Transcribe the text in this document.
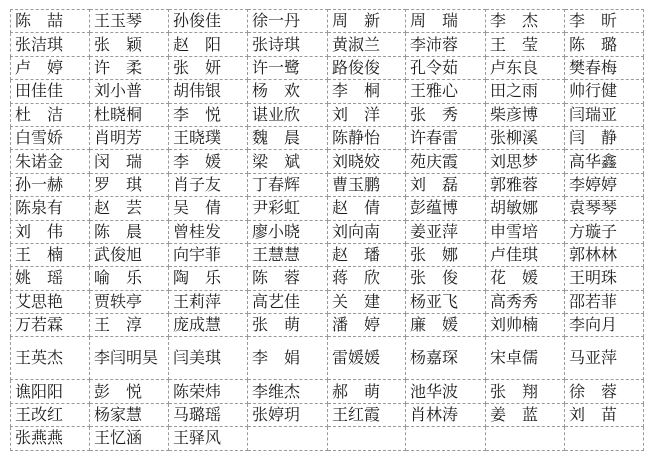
陈　喆	王玉琴	孙俊佳	徐一丹	周　新	周　瑞	李　杰	李　昕
张洁琪	张　颖	赵　阳	张诗琪	黄淑兰	李沛蓉	王　莹	陈　璐
卢　婷	许　柔	张　妍	许一鹭	路俊俊	孔令茹	卢东良	樊春梅
田佳佳	刘小普	胡伟银	杨　欢	李　桐	王雅心	田之雨	帅行健
杜　洁	杜晓桐	李　悦	谌业欣	刘　洋	张　秀	柴彦博	闫瑞亚
白雪娇	肖明芳	王晓璞	魏　晨	陈静怡	许春雷	张柳溪	闫　静
朱诺金	闵　瑞	李　媛	梁　斌	刘晓姣	苑庆霞	刘思梦	高华鑫
孙一赫	罗　琪	肖子友	丁春辉	曹玉鹏	刘　磊	郭雅蓉	李婷婷
陈泉有	赵　芸	吴　倩	尹彩虹	赵　倩	彭蕴博	胡敏娜	袁琴琴
刘　伟	陈　晨	曾桂发	廖小晓	刘向南	姜亚萍	申雪培	方璇子
王　楠	武俊旭	向宇菲	王慧慧	赵　璠	张　娜	卢佳琪	郭林林
姚　瑶	喻　乐	陶　乐	陈　蓉	蒋　欣	张　俊	花　媛	王明珠
艾思艳	贾轶亭	王莉萍	高艺佳	关　建	杨亚飞	高秀秀	邵若菲
万若霖	王　淳	庞成慧	张　萌	潘　婷	廉　媛	刘帅楠	李向月
王英杰	李闫明昊	闫美琪	李　娟	雷媛媛	杨嘉琛	宋卓儒	马亚萍
谯阳阳	彭　悦	陈荣炜	李维杰	郝　萌	池华波	张　翔	徐　蓉
王改红	杨家慧	马璐瑶	张婷玥	王红霞	肖林涛	姜　蓝	刘　苗
张燕燕	王忆涵	王驿风					
